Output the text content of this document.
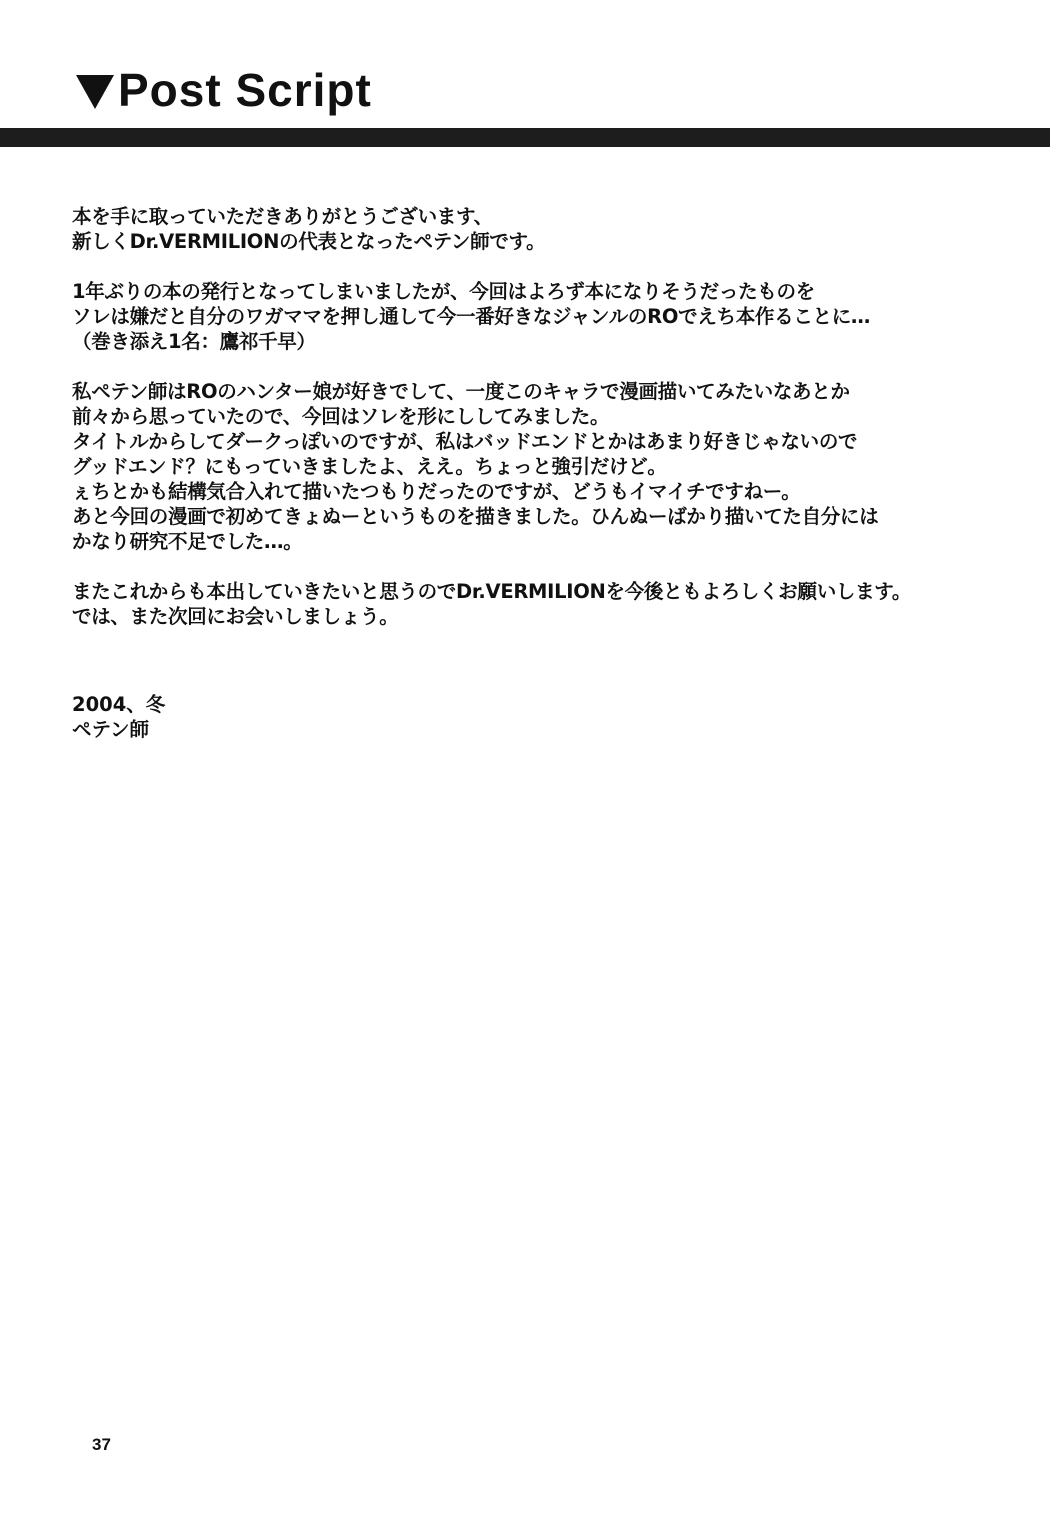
Post Script
本を手に取っていただきありがとうございます、
新しくDr.VERMILIONの代表となったペテン師です。
1年ぶりの本の発行となってしまいましたが、今回はよろず本になりそうだったものを
ソレは嫌だと自分のワガママを押し通して今一番好きなジャンルのROでえち本作ることに…
（巻き添え1名：鷹祁千早）
私ペテン師はROのハンター娘が好きでして、一度このキャラで漫画描いてみたいなあとか
前々から思っていたので、今回はソレを形にししてみました。
タイトルからしてダークっぽいのですが、私はバッドエンドとかはあまり好きじゃないので
グッドエンド？にもっていきましたよ、ええ。ちょっと強引だけど。
ぇちとかも結構気合入れて描いたつもりだったのですが、どうもイマイチですねー。
あと今回の漫画で初めてきょぬーというものを描きました。ひんぬーばかり描いてた自分には
かなり研究不足でした…。
またこれからも本出していきたいと思うのでDr.VERMILIONを今後ともよろしくお願いします。
では、また次回にお会いしましょう。
2004、冬
ペテン師
37
